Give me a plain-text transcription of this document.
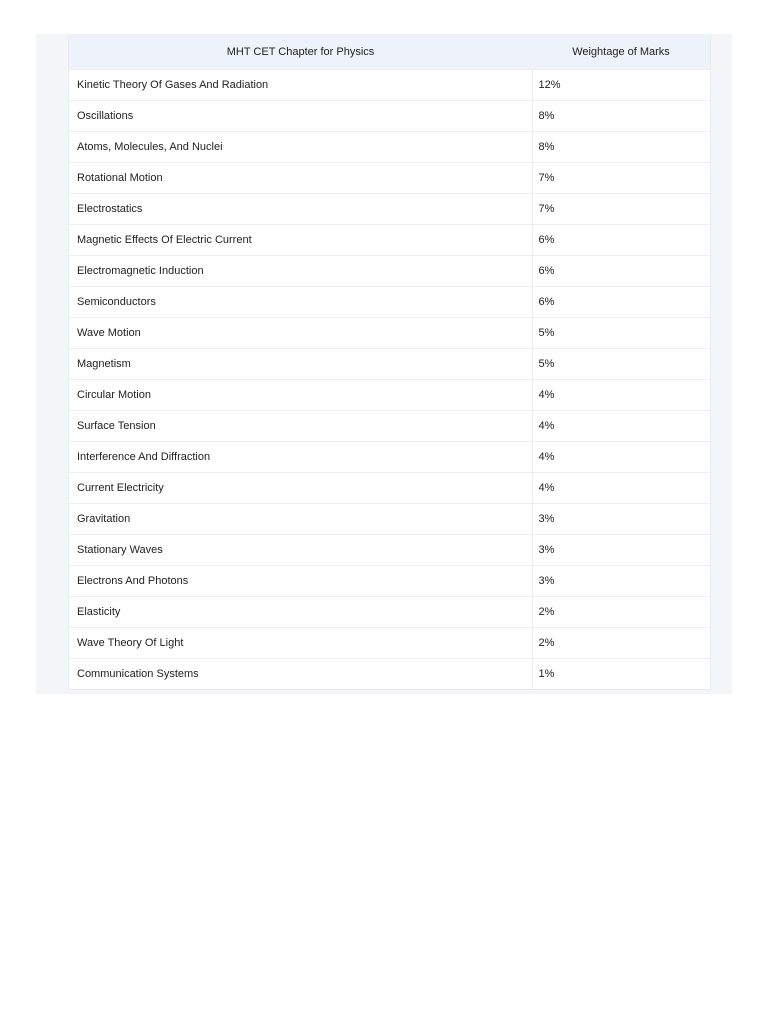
MHT CET Chapter for Physics	Weightage of Marks
Kinetic Theory Of Gases And Radiation	12%
Oscillations	8%
Atoms, Molecules, And Nuclei	8%
Rotational Motion	7%
Electrostatics	7%
Magnetic Effects Of Electric Current	6%
Electromagnetic Induction	6%
Semiconductors	6%
Wave Motion	5%
Magnetism	5%
Circular Motion	4%
Surface Tension	4%
Interference And Diffraction	4%
Current Electricity	4%
Gravitation	3%
Stationary Waves	3%
Electrons And Photons	3%
Elasticity	2%
Wave Theory Of Light	2%
Communication Systems	1%
